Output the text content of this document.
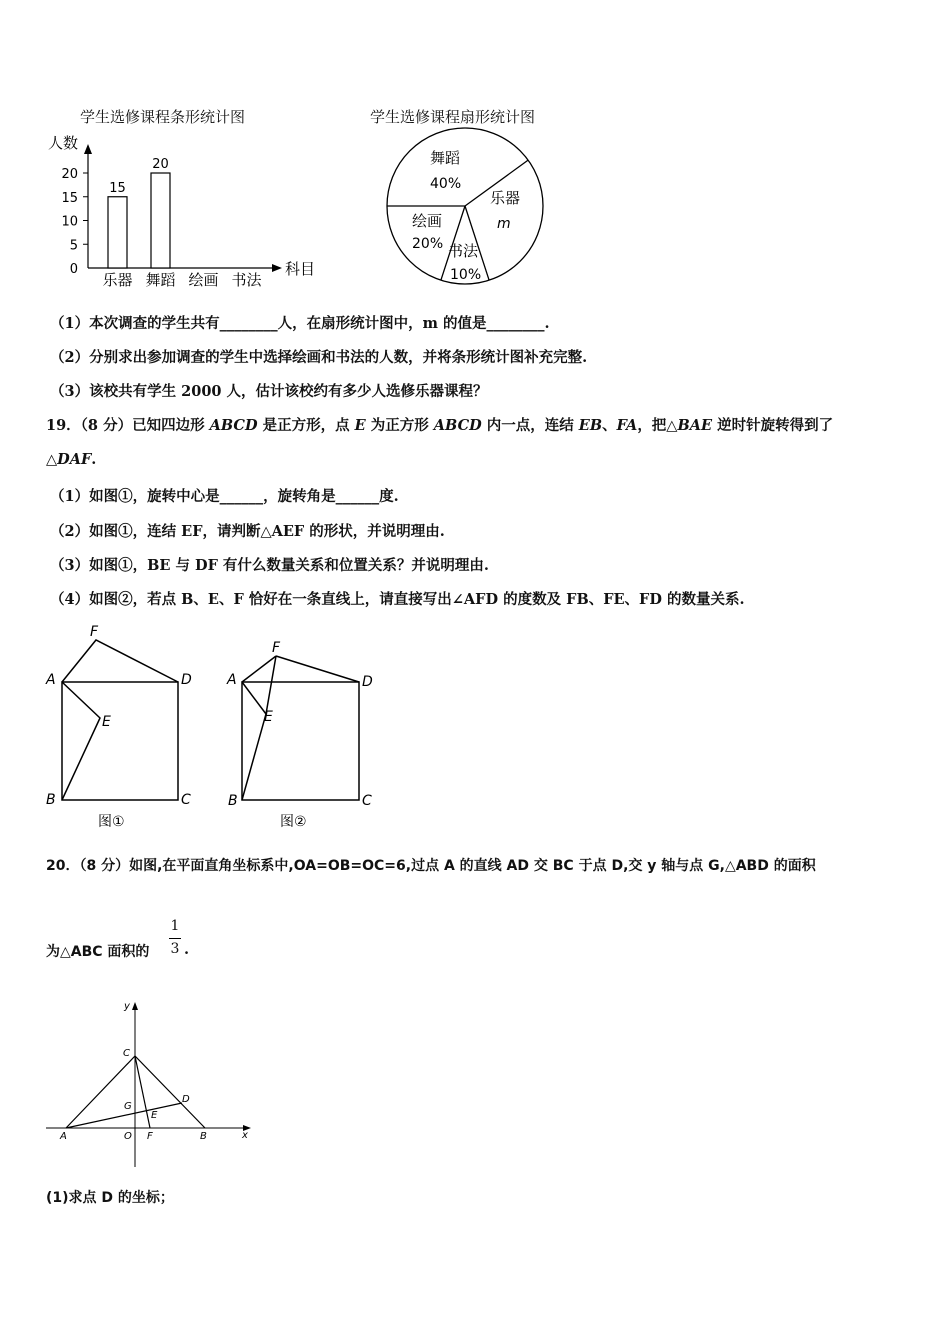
学生选修课程条形统计图
人数
科目
0
5
10
15
20
15
20
乐器 舞蹈 绘画 书法
学生选修课程扇形统计图
舞蹈
40%
乐器
m
绘画
20% 书法
10%
（1）本次调查的学生共有________人，在扇形统计图中，m 的值是________.
（2）分别求出参加调查的学生中选择绘画和书法的人数，并将条形统计图补充完整.
（3）该校共有学生 2000 人，估计该校约有多少人选修乐器课程？
19．（8 分）已知四边形 ABCD 是正方形，点 E 为正方形 ABCD 内一点，连结 EB、FA，把△BAE 逆时针旋转得到了
△DAF.
（1）如图①，旋转中心是______，旋转角是______度.
（2）如图①，连结 EF，请判断△AEF 的形状，并说明理由.
（3）如图①，BE 与 DF 有什么数量关系和位置关系？并说明理由.
（4）如图②，若点 B、E、F 恰好在一条直线上，请直接写出∠AFD 的度数及 FB、FE、FD 的数量关系.
A	D
F
E
B	C
图①
A	D
F
E
B	C
图②
20．（8 分）如图,在平面直角坐标系中,OA=OB=OC=6,过点 A 的直线 AD 交 BC 于点 D,交 y 轴与点 G,△ABD 的面积
为△ABC 面积的
1
3 .
y
x
C
G
E
D
A	O F	B
(1)求点 D 的坐标；
